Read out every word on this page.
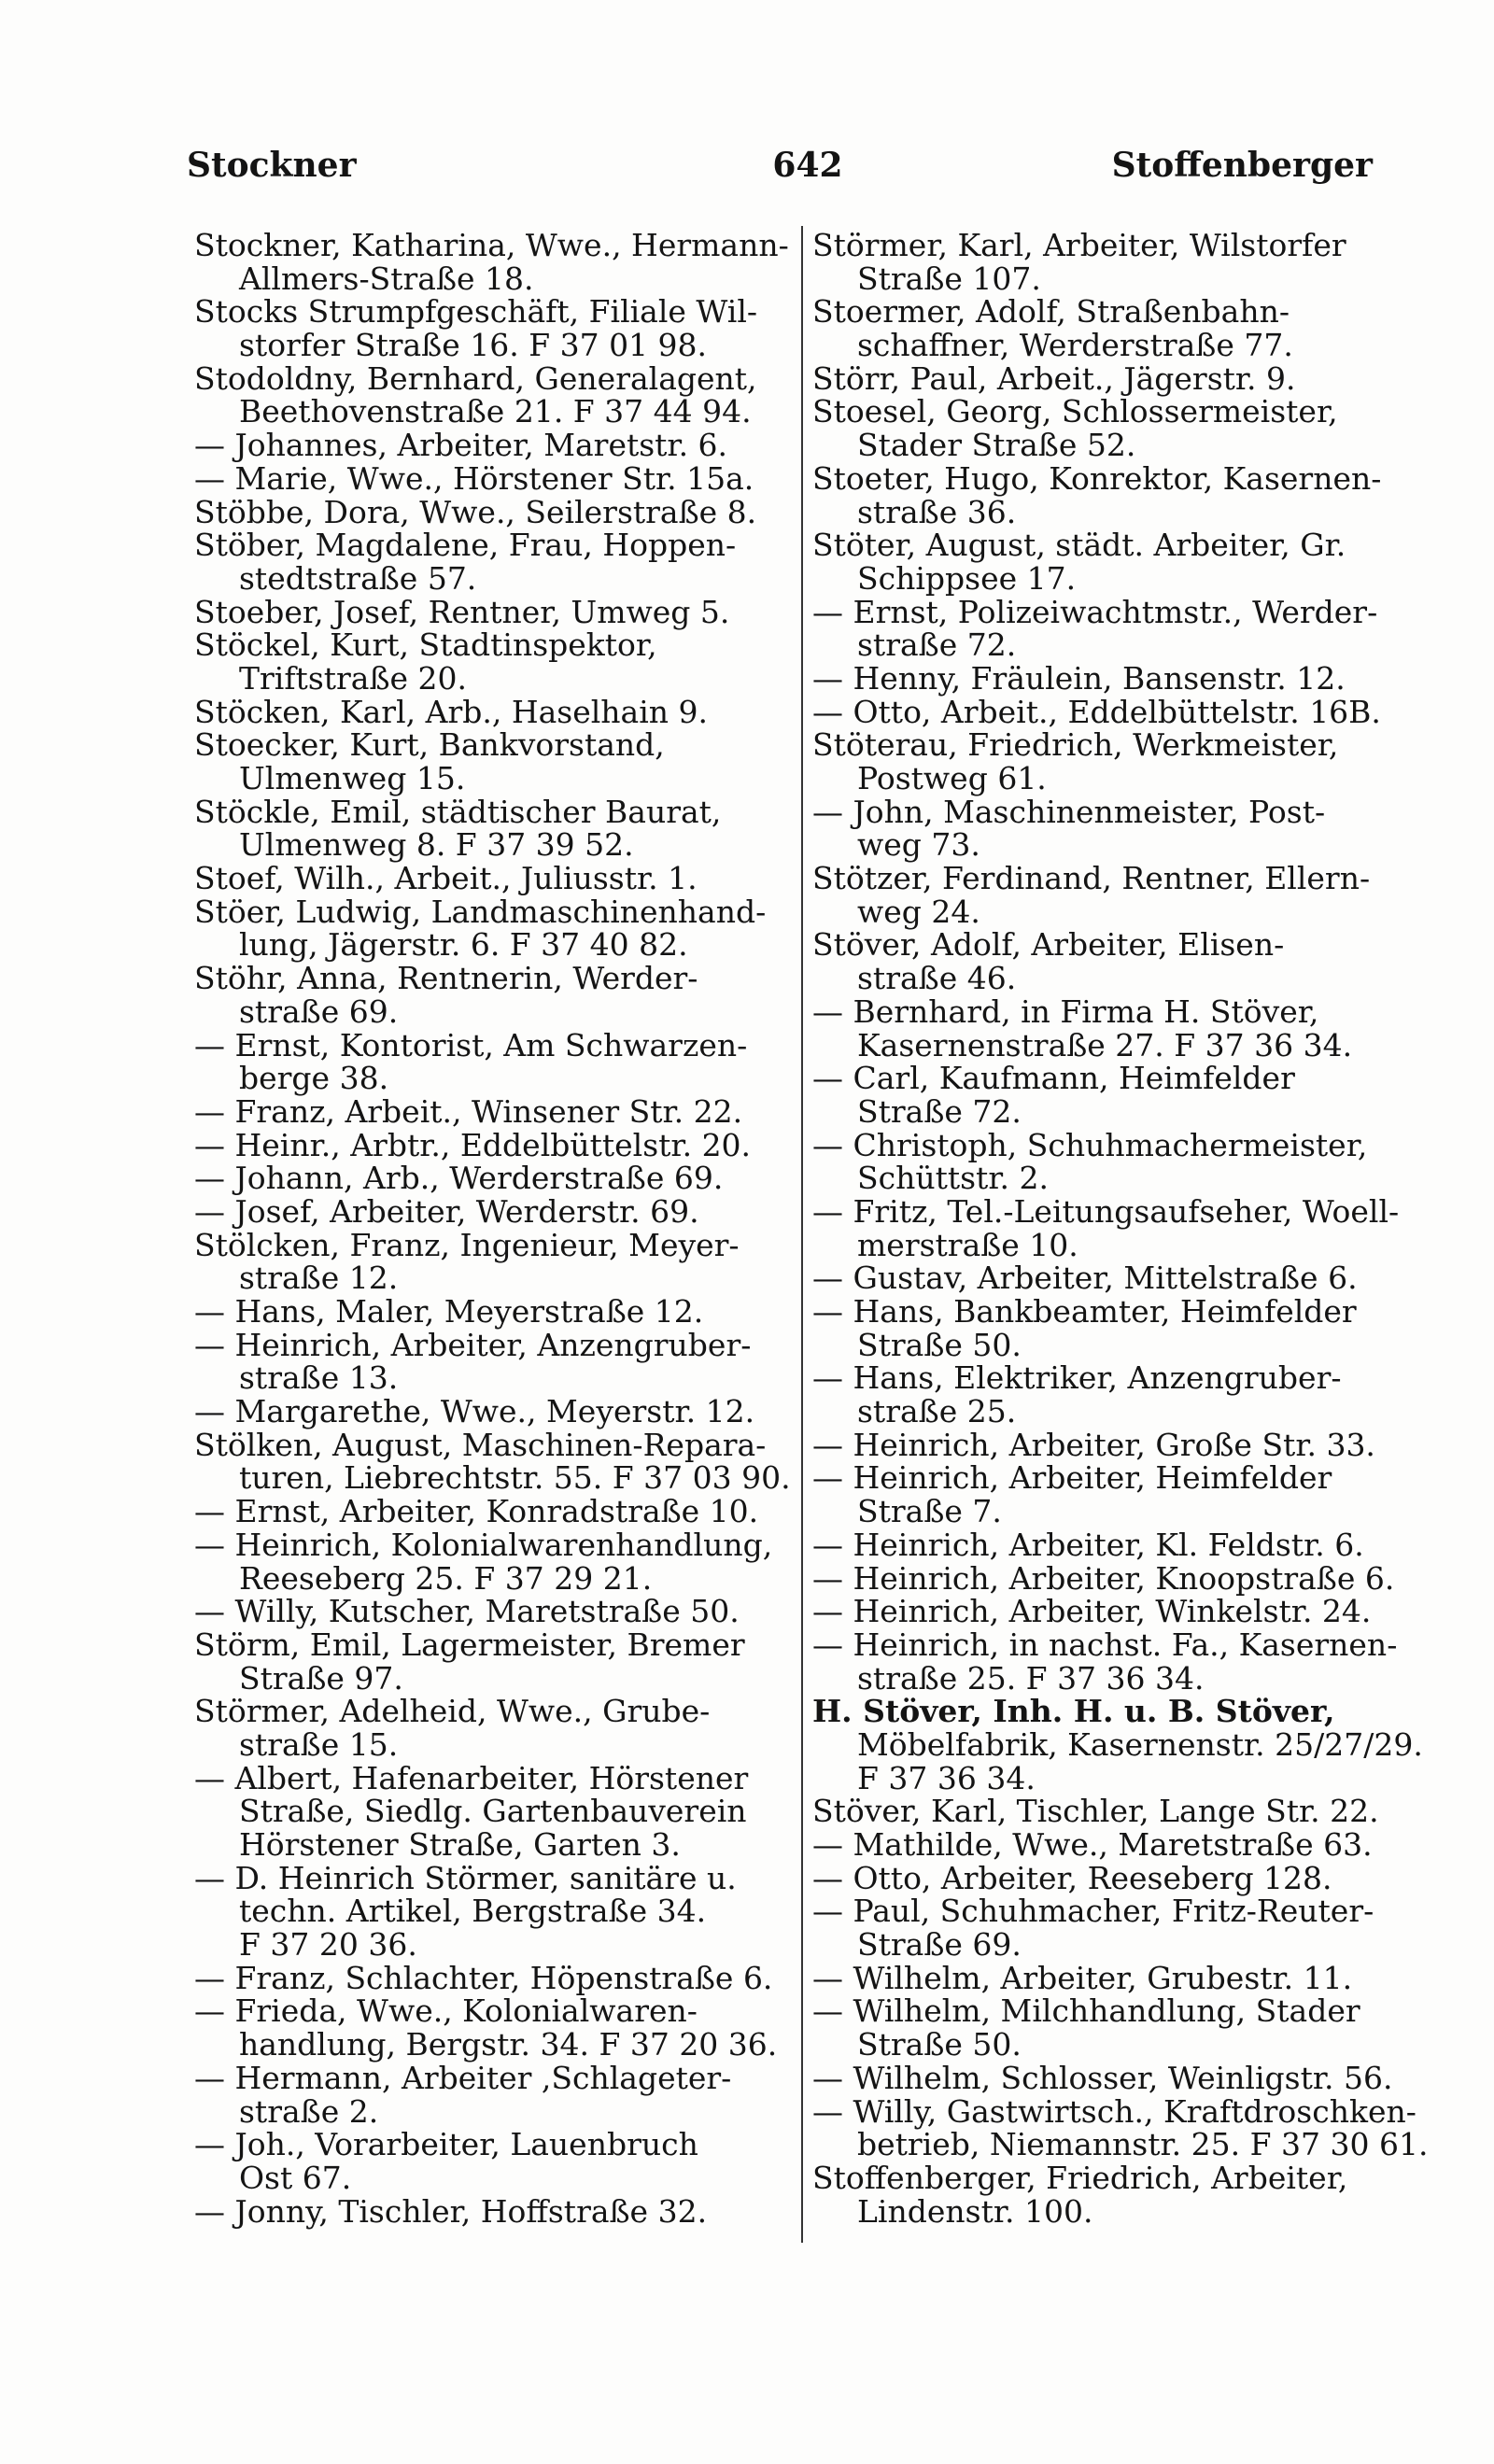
Stockner	642	Stoffenberger
Stockner, Katharina, Wwe., Hermann-
Allmers-Straße 18.
Stocks Strumpfgeschäft, Filiale Wil-
storfer Straße 16. F 37 01 98.
Stodoldny, Bernhard, Generalagent,
Beethovenstraße 21. F 37 44 94.
— Johannes, Arbeiter, Maretstr. 6.
— Marie, Wwe., Hörstener Str. 15a.
Stöbbe, Dora, Wwe., Seilerstraße 8.
Stöber, Magdalene, Frau, Hoppen-
stedtstraße 57.
Stoeber, Josef, Rentner, Umweg 5.
Stöckel, Kurt, Stadtinspektor,
Triftstraße 20.
Stöcken, Karl, Arb., Haselhain 9.
Stoecker, Kurt, Bankvorstand,
Ulmenweg 15.
Stöckle, Emil, städtischer Baurat,
Ulmenweg 8. F 37 39 52.
Stoef, Wilh., Arbeit., Juliusstr. 1.
Stöer, Ludwig, Landmaschinenhand-
lung, Jägerstr. 6. F 37 40 82.
Stöhr, Anna, Rentnerin, Werder-
straße 69.
— Ernst, Kontorist, Am Schwarzen-
berge 38.
— Franz, Arbeit., Winsener Str. 22.
— Heinr., Arbtr., Eddelbüttelstr. 20.
— Johann, Arb., Werderstraße 69.
— Josef, Arbeiter, Werderstr. 69.
Stölcken, Franz, Ingenieur, Meyer-
straße 12.
— Hans, Maler, Meyerstraße 12.
— Heinrich, Arbeiter, Anzengruber-
straße 13.
— Margarethe, Wwe., Meyerstr. 12.
Stölken, August, Maschinen-Repara-
turen, Liebrechtstr. 55. F 37 03 90.
— Ernst, Arbeiter, Konradstraße 10.
— Heinrich, Kolonialwarenhandlung,
Reeseberg 25. F 37 29 21.
— Willy, Kutscher, Maretstraße 50.
Störm, Emil, Lagermeister, Bremer
Straße 97.
Störmer, Adelheid, Wwe., Grube-
straße 15.
— Albert, Hafenarbeiter, Hörstener
Straße, Siedlg. Gartenbauverein
Hörstener Straße, Garten 3.
— D. Heinrich Störmer, sanitäre u.
techn. Artikel, Bergstraße 34.
F 37 20 36.
— Franz, Schlachter, Höpenstraße 6.
— Frieda, Wwe., Kolonialwaren-
handlung, Bergstr. 34. F 37 20 36.
— Hermann, Arbeiter ,Schlageter-
straße 2.
— Joh., Vorarbeiter, Lauenbruch
Ost 67.
— Jonny, Tischler, Hoffstraße 32.
Störmer, Karl, Arbeiter, Wilstorfer
Straße 107.
Stoermer, Adolf, Straßenbahn-
schaffner, Werderstraße 77.
Störr, Paul, Arbeit., Jägerstr. 9.
Stoesel, Georg, Schlossermeister,
Stader Straße 52.
Stoeter, Hugo, Konrektor, Kasernen-
straße 36.
Stöter, August, städt. Arbeiter, Gr.
Schippsee 17.
— Ernst, Polizeiwachtmstr., Werder-
straße 72.
— Henny, Fräulein, Bansenstr. 12.
— Otto, Arbeit., Eddelbüttelstr. 16B.
Stöterau, Friedrich, Werkmeister,
Postweg 61.
— John, Maschinenmeister, Post-
weg 73.
Stötzer, Ferdinand, Rentner, Ellern-
weg 24.
Stöver, Adolf, Arbeiter, Elisen-
straße 46.
— Bernhard, in Firma H. Stöver,
Kasernenstraße 27. F 37 36 34.
— Carl, Kaufmann, Heimfelder
Straße 72.
— Christoph, Schuhmachermeister,
Schüttstr. 2.
— Fritz, Tel.-Leitungsaufseher, Woell-
merstraße 10.
— Gustav, Arbeiter, Mittelstraße 6.
— Hans, Bankbeamter, Heimfelder
Straße 50.
— Hans, Elektriker, Anzengruber-
straße 25.
— Heinrich, Arbeiter, Große Str. 33.
— Heinrich, Arbeiter, Heimfelder
Straße 7.
— Heinrich, Arbeiter, Kl. Feldstr. 6.
— Heinrich, Arbeiter, Knoopstraße 6.
— Heinrich, Arbeiter, Winkelstr. 24.
— Heinrich, in nachst. Fa., Kasernen-
straße 25. F 37 36 34.
H. Stöver, Inh. H. u. B. Stöver,
Möbelfabrik, Kasernenstr. 25/27/29.
F 37 36 34.
Stöver, Karl, Tischler, Lange Str. 22.
— Mathilde, Wwe., Maretstraße 63.
— Otto, Arbeiter, Reeseberg 128.
— Paul, Schuhmacher, Fritz-Reuter-
Straße 69.
— Wilhelm, Arbeiter, Grubestr. 11.
— Wilhelm, Milchhandlung, Stader
Straße 50.
— Wilhelm, Schlosser, Weinligstr. 56.
— Willy, Gastwirtsch., Kraftdroschken-
betrieb, Niemannstr. 25. F 37 30 61.
Stoffenberger, Friedrich, Arbeiter,
Lindenstr. 100.
